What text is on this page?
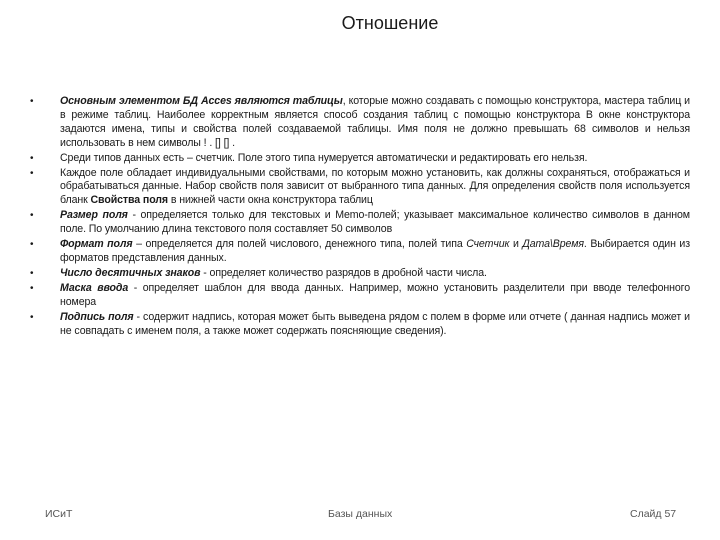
Отношение
•	Основным элементом БД Acces являются таблицы, которые можно создавать с помощью конструктора, мастера таблиц и в режиме таблиц. Наиболее корректным является способ создания таблиц с помощью конструктора В окне конструктора задаются имена, типы и свойства полей создаваемой таблицы. Имя поля не должно превышать 68 символов и нельзя использовать в нем символы ! . [] [] .
•	Среди типов данных есть – счетчик. Поле этого типа нумеруется автоматически и редактировать его нельзя.
•	Каждое поле обладает индивидуальными свойствами, по которым можно установить, как должны сохраняться, отображаться и обрабатываться данные. Набор свойств поля зависит от выбранного типа данных. Для определения свойств поля используется бланк Свойства поля в нижней части окна конструктора таблиц
•	Размер поля - определяется только для текстовых и Memo-полей; указывает максимальное количество символов в данном поле. По умолчанию длина текстового поля составляет 50 символов
•	Формат поля – определяется для полей числового, денежного типа, полей типа Счетчик и Дата\Время. Выбирается один из форматов представления данных.
•	Число десятичных знаков - определяет количество разрядов в дробной части числа.
•	Маска ввода - определяет шаблон для ввода данных. Например, можно установить разделители при вводе телефонного номера
•	Подпись поля - содержит надпись, которая может быть выведена рядом с полем в форме или отчете ( данная надпись может и не совпадать с именем поля, а также может содержать поясняющие сведения).
ИСиТ	Базы данных	Слайд 57
